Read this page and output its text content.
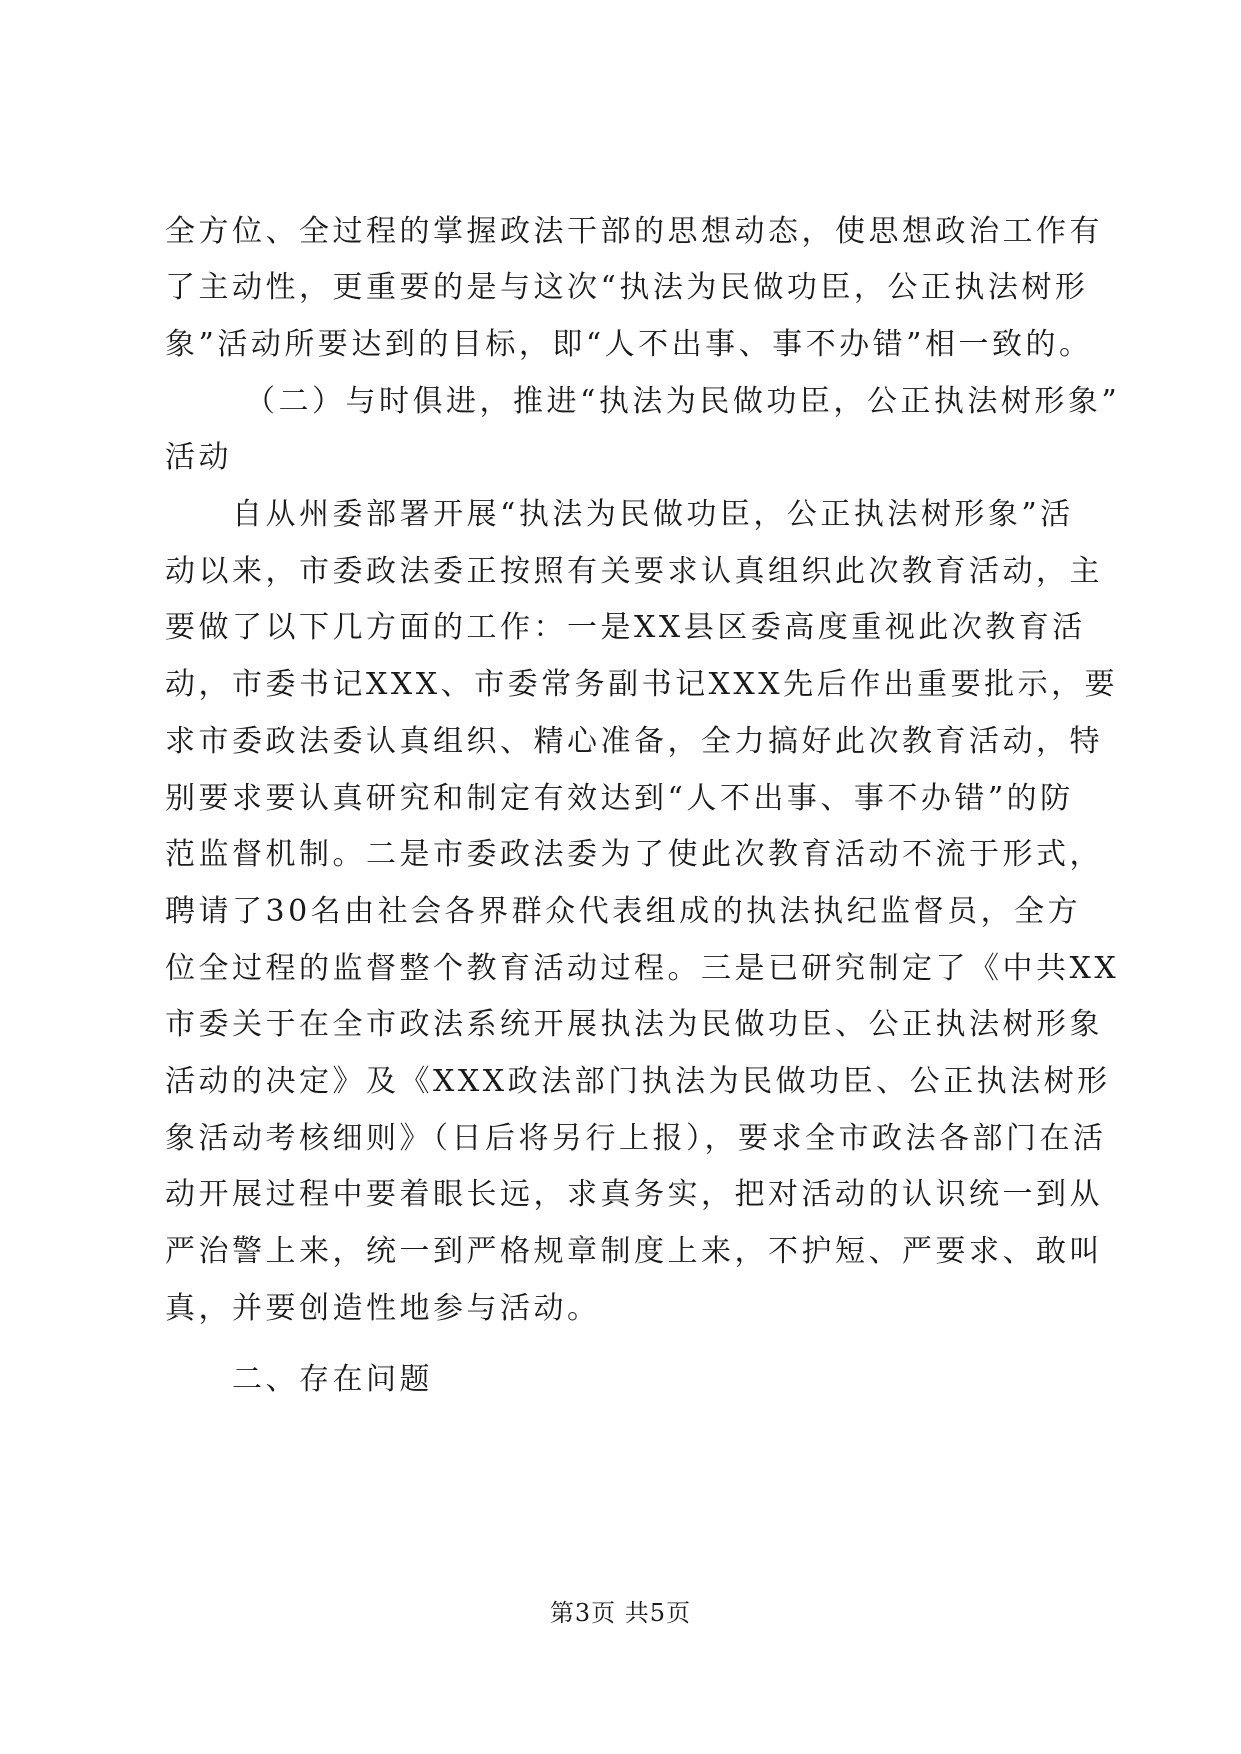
全方位、全过程的掌握政法干部的思想动态，使思想政治工作有
了主动性，更重要的是与这次“执法为民做功臣，公正执法树形
象”活动所要达到的目标，即“人不出事、事不办错”相一致的。
（二）与时俱进，推进“执法为民做功臣，公正执法树形象”
活动
自从州委部署开展“执法为民做功臣，公正执法树形象”活
动以来，市委政法委正按照有关要求认真组织此次教育活动，主
要做了以下几方面的工作：一是XX县区委高度重视此次教育活
动，市委书记XXX、市委常务副书记XXX先后作出重要批示，要
求市委政法委认真组织、精心准备，全力搞好此次教育活动，特
别要求要认真研究和制定有效达到“人不出事、事不办错”的防
范监督机制。二是市委政法委为了使此次教育活动不流于形式，
聘请了30名由社会各界群众代表组成的执法执纪监督员，全方
位全过程的监督整个教育活动过程。三是已研究制定了《中共XX
市委关于在全市政法系统开展执法为民做功臣、公正执法树形象
活动的决定》及《XXX政法部门执法为民做功臣、公正执法树形
象活动考核细则》（日后将另行上报），要求全市政法各部门在活
动开展过程中要着眼长远，求真务实，把对活动的认识统一到从
严治警上来，统一到严格规章制度上来，不护短、严要求、敢叫
真，并要创造性地参与活动。
二、存在问题
第3页 共5页
